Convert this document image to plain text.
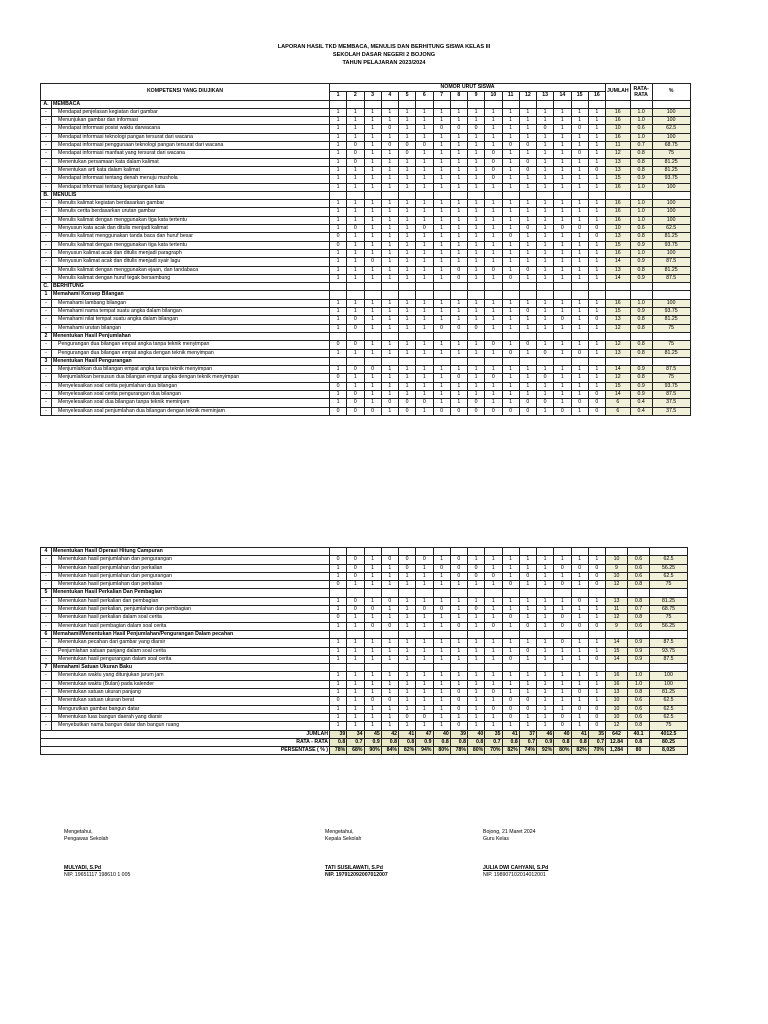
LAPORAN HASIL TKD MEMBACA, MENULIS DAN BERHITUNG SISWA KELAS III
SEKOLAH DASAR NEGERI 2 BOJONG
TAHUN PELAJARAN 2023/2024
KOMPETENSI YANG DIUJIKAN		NOMOR URUT SISWA																JUMLAH	RATA-RATA	%
		1	2	3	4	5	6	7	8	9	10	11	12	13	14	15	16			
A.	MEMBACA																			
-	Mendapat penjelasan kegiatan dari gambar	1	1	1	1	1	1	1	1	1	1	1	1	1	1	1	1	16	1.0	100
-	Menunjukan gambar dan informasi	1	1	1	1	1	1	1	1	1	1	1	1	1	1	1	1	16	1.0	100
-	Mendapat informasi posisi waktu darwacana	1	1	1	0	1	1	0	0	0	1	1	1	0	1	0	1	10	0.6	62.5
-	Mendapat informasi teknologi pangan tersurat dari wacana	1	1	1	1	1	1	1	1	1	1	1	1	1	1	1	1	16	1.0	100
-	Mendapat informasi penggunaan teknologi pangan tersurat dari wacana	1	0	1	0	0	0	1	1	1	1	0	0	1	1	1	1	11	0.7	68.75
-	Mendapat informasi manfaat yang tersurat dari wacana	1	0	1	1	0	1	1	1	1	0	1	1	1	1	0	1	12	0.8	75
-	Menentukan persamaan kata dalam kalimat	1	0	1	1	1	1	1	1	1	0	1	0	1	1	1	1	13	0.8	81.25
-	Menentukan arti kata dalam kalimat	1	1	1	1	1	1	1	1	1	0	1	0	1	1	1	0	13	0.8	81.25
-	Mendapat informasi tentang denah menuju mushola	1	1	1	1	1	1	1	1	1	0	1	1	1	1	1	1	15	0.9	93.75
-	Mendapat informasi tentang kepanjangan kata	1	1	1	1	1	1	1	1	1	1	1	1	1	1	1	1	16	1.0	100
B.	MENULIS																			
-	Menulis kalimat kegiatan berdasarkan gambar	1	1	1	1	1	1	1	1	1	1	1	1	1	1	1	1	16	1.0	100
-	Menulis cerita berdasarkan urutan gambar	1	1	1	1	1	1	1	1	1	1	1	1	1	1	1	1	16	1.0	100
-	Menulis kalimat dengan menggunakan tiga kata tertentu	1	1	1	1	1	1	1	1	1	1	1	1	1	1	1	1	16	1.0	100
-	Menyusun kata acak dan ditulis menjadi kalimat	1	0	1	1	1	0	1	1	1	1	1	0	1	0	0	0	10	0.6	62.5
-	Menulis kalimat menggunakan tanda baca dan huruf besar	0	1	1	1	1	1	1	1	1	1	0	1	1	1	1	0	13	0.8	81.25
-	Menulis kalimat dengan menggunakan tiga kata tertentu	0	1	1	1	1	1	1	1	1	1	1	1	1	1	1	1	15	0.9	93.75
-	Menyusun kalimat acak dan ditulis menjadi paragraph	1	1	1	1	1	1	1	1	1	1	1	1	1	1	1	1	16	1.0	100
-	Menyusun kalimat acak dan ditulis menjadi syair lagu	1	1	0	1	1	1	1	1	1	1	1	1	1	1	1	1	14	0.9	87.5
-	Menulis kalimat dengan menggunakan ejaan, dan tandabaca	1	1	1	1	1	1	1	0	1	0	1	0	1	1	1	1	13	0.8	81.25
-	Menulis kalimat dengan huruf tegak bersambung	1	1	1	1	1	1	1	0	1	1	0	1	1	1	1	1	14	0.9	87.5
C.	BERHITUNG																			
1	Memahami Konsep Bilangan																			
-	Memahami lambang bilangan	1	1	1	1	1	1	1	1	1	1	1	1	1	1	1	1	16	1.0	100
-	Memahami nama tempat suatu angka dalam bilangan	1	1	1	1	1	1	1	1	1	1	1	0	1	1	1	1	15	0.9	93.75
-	Memahami nilai tempat suatu angka dalam bilangan	1	0	1	1	1	1	1	1	1	1	1	1	1	0	1	0	13	0.8	81.25
-	Memahami urutan bilangan	1	0	1	1	1	1	0	0	0	1	1	1	1	1	1	1	12	0.8	75
2	Menentukan Hasil Penjumlahan																			
-	Pengurangan dua bilangan empat angka tanpa teknik menyimpan	0	0	1	1	1	1	1	1	1	0	1	0	1	1	1	1	12	0.8	75
-	Pengurangan dua bilangan empat angka dengan teknik menyimpan	1	1	1	1	1	1	1	1	1	1	0	1	0	1	0	1	13	0.8	81.25
3	Menentukan Hasil Pengurangan																			
-	Menjumlahkan dua bilangan empat angka tanpa teknik menyimpan	1	0	0	1	1	1	1	1	1	1	1	1	1	1	1	1	14	0.9	87.5
-	Menjumlahkan bersusun dua bilangan empat angka dengan teknik menyimpan	0	1	1	1	1	1	1	0	1	0	1	1	0	1	1	1	12	0.8	75
-	Menyelesaikan soal cerita pejumlahan dua bilangan	0	1	1	1	1	1	1	1	1	1	1	1	1	1	1	1	15	0.9	93.75
-	Menyelesaikan soal cerita pengurangan dua bilangan	1	0	1	1	1	1	1	1	1	1	1	1	1	1	1	0	14	0.9	87.5
-	Menyelesaikan soal dua bilangan tanpa teknik meminjam	1	0	1	0	0	0	1	1	0	1	1	0	0	1	0	0	6	0.4	37.5
-	Menyelesaikan soal penjumlahan dua bilangan dengan teknik meminjam	0	0	0	1	0	1	0	0	0	0	0	0	1	0	1	0	6	0.4	37.5
4	Menentukan Hasil Operasi Hitung Campuran																			
-	Menentukan hasil penjumlahan dan pengurangan	0	0	1	0	0	0	1	0	1	1	1	1	1	1	1	1	10	0.6	62.5
-	Menentukan hasil penjumlahan dan perkalian	1	0	1	1	0	1	0	0	0	1	1	1	1	0	0	0	9	0.6	56.25
-	Menentukan hasil penjumlahan dan pengurangan	1	0	1	1	1	1	1	0	0	0	1	0	1	1	1	0	10	0.6	62.5
-	Menentukan hasil penjumlahan dan perkalian	0	1	1	1	1	1	1	1	1	1	0	1	1	0	1	0	12	0.8	75
5	Menentukan Hasil Perkalian Dan Pembagian																			
-	Menentukan hasil perkalian dan pembagian	1	0	1	0	1	1	1	1	1	1	1	1	1	1	0	1	13	0.8	81.25
-	Menentukan hasil perkalian, penjumlahan dan pembagian	1	0	0	1	1	0	0	1	0	1	1	1	1	1	1	1	11	0.7	68.75
-	Menentukan hasil perkalian dalam soal cerita	0	1	1	1	1	1	1	1	1	1	0	1	1	0	1	1	12	0.8	75
-	Menentukan hasil pembagian dalam soal cerita	1	1	0	0	1	1	1	0	1	0	1	0	1	0	0	0	9	0.6	56.25
6	Memahami/Menentukan Hasil Penjumlahan/Pengurangan Dalam pecahan																			
-	Menentukan pecahan dari gambar yang diarsir	1	1	1	1	1	1	1	1	1	1	1	1	1	0	1	1	14	0.9	87.5
-	Penjumlahan satuan panjang dalam soal cerita	1	1	1	1	1	1	1	1	1	1	1	0	1	1	1	1	15	0.9	93.75
-	Menentukan hasil pengurangan dalam soal cerita	1	1	1	1	1	1	1	1	1	1	0	1	1	1	1	0	14	0.9	87.5
7	Memahami Satuan Ukuran Baku																			
-	Menentukan waktu yang ditunjukan jarum jam	1	1	1	1	1	1	1	1	1	1	1	1	1	1	1	1	16	1.0	100
-	Menentukan waktu (Bulan) pada kalender	1	1	1	1	1	1	1	1	1	1	1	1	1	1	1	1	16	1.0	100
-	Menentukan satuan ukuran panjang	1	1	1	1	1	1	1	0	1	0	1	1	1	1	0	1	13	0.8	81.25
-	Menentukan satuan ukuran berat	0	1	0	0	1	1	1	0	1	1	0	0	1	1	1	1	10	0.6	62.5
-	Mengurutkan gambar bangun datar	1	1	1	1	1	1	1	0	1	0	0	0	1	1	0	0	10	0.6	62.5
-	Menentukan luas bangun daerah yang diarsir	1	1	1	1	0	0	1	1	1	1	0	1	1	0	1	0	10	0.6	62.5
-	Menyebutkan nama bangun datar dan bangun ruang	1	1	1	1	1	1	1	0	1	1	1	1	1	0	1	0	12	0.8	75
JUMLAH		39	34	45	42	41	47	40	39	40	35	41	37	46	40	41	35	642	40.1	4012.5
RATA - RATA		0.8	0.7	0.9	0.8	0.8	0.9	0.8	0.8	0.8	0.7	0.8	0.7	0.9	0.8	0.8	0.7	12.84	0.8	80.25
PERSENTASE ( % )		78%	68%	90%	84%	82%	94%	80%	78%	80%	70%	82%	74%	92%	80%	82%	70%	1,284	80	8,025
Mengetahui,
Pengawas Sekolah
MULYADI, S.Pd
NIP. 19651117 198610 1 005
Mengetahui,
Kepala Sekolah
TATI SUSILAWATI, S.Pd
NIP. 197912092007012007
Bojong, 21 Maret 2024
Guru Kelas
JULIA DWI CAHYANI, S.Pd
NIP. 198907102014012001
